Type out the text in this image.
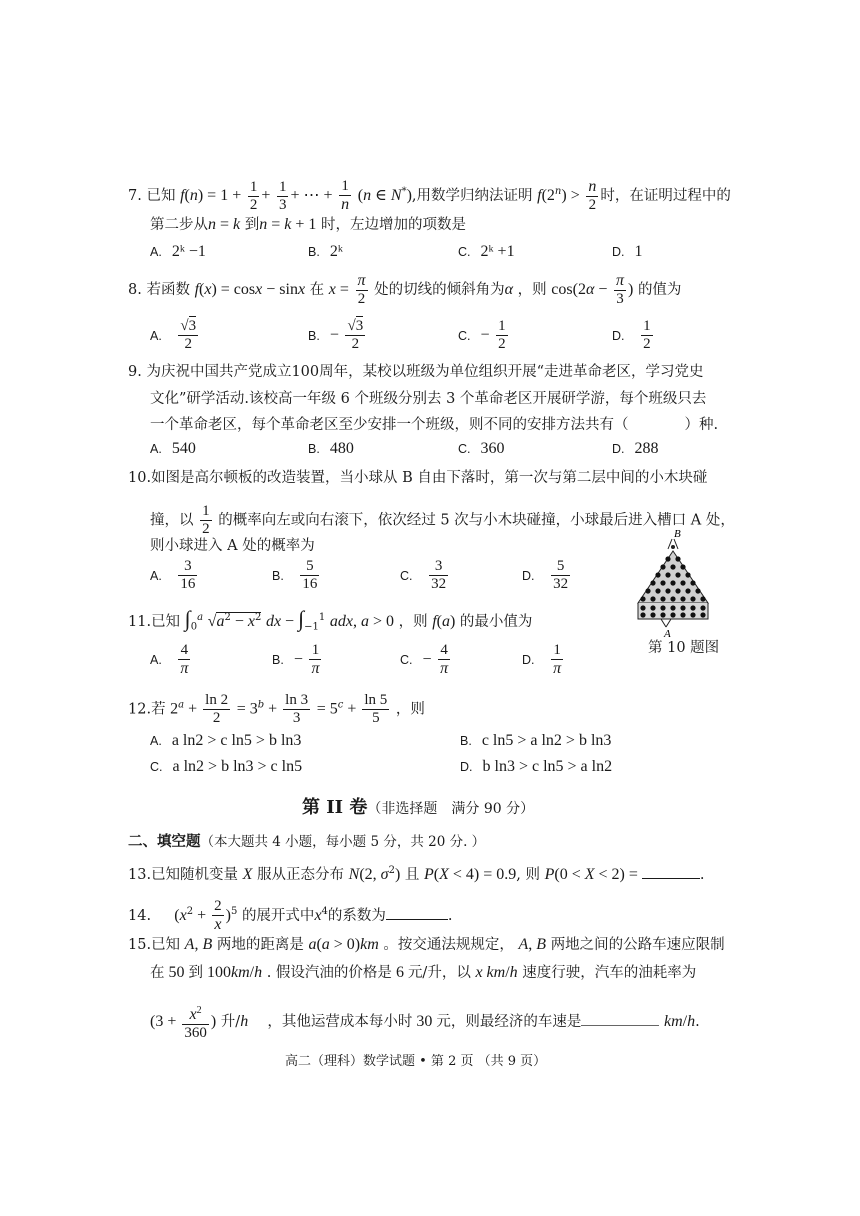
7. 已知 $f(n) = 1 + \frac{1}{2} + \frac{1}{3}$ + ⋯ + $\frac{1}{n} (n$ ∈ N*),用数学归纳法证明 $f(2^n) > \frac{n}{2}$ 时，在证明过程中的
第二步从n = k 到n = k + 1 时，左边增加的项数是
A. 2ᵏ −1	B. 2ᵏ	C. 2ᵏ +1	D. 1
8. 若函数 f(x) = cosx − sinx 在 $x = \frac{\pi}{2}$ 处的切线的倾斜角为α ，则 $\cos(2\alpha - \frac{\pi}{3}$ ) 的值为
A. $\frac{√3}{2}$	B. − $\frac{√3}{2}$	C. − $\frac{1}{2}$	D. $\frac{1}{2}$
9. 为庆祝中国共产党成立100周年，某校以班级为单位组织开展“走进革命老区，学习党史
文化”研学活动.该校高一年级 6 个班级分别去 3 个革命老区开展研学游，每个班级只去
一个革命老区，每个革命老区至少安排一个班级，则不同的安排方法共有（	）种.
A. 540	B. 480	C. 360	D. 288
10.如图是高尔顿板的改造装置，当小球从 B 自由下落时，第一次与第二层中间的小木块碰
撞，以 $\frac{1}{2}$ 的概率向左或向右滚下，依次经过 5 次与小木块碰撞，小球最后进入槽口 A 处，
则小球进入 A 处的概率为
A. $\frac{3}{16}$	B. $\frac{5}{16}$	C. $\frac{3}{32}$	D. $\frac{5}{32}$
B
A
第 10 题图
11.已知 $\int_0^a$ $√a^2 - x^2$ dx − $\int_{-1}^1$ adx, a > 0 ，则 f(a) 的最小值为
A. $\frac{4}{\pi}$	B. − $\frac{1}{\pi}$	C. − $\frac{4}{\pi}$	D. $\frac{1}{\pi}$
12.若 $2^a + \frac{\ln 2}{2} = 3^b + \frac{\ln 3}{3} = 5^c + \frac{\ln 5}{5}$ ，则
A. a ln2 > c ln5 > b ln3	B. c ln5 > a ln2 > b ln3
C. a ln2 > b ln3 > c ln5	D. b ln3 > c ln5 > a ln2
第 II 卷（非选择题　满分 90 分）
二、填空题（本大题共 4 小题，每小题 5 分，共 20 分. ）
13.已知随机变量 X 服从正态分布 N(2, $\sigma^2$) 且 P(X < 4) = 0.9, 则 P(0 < X < 2) =	.
14. $(x^2 + \frac{2}{x} )^5$ 的展开式中$x^4$的系数为	.
15.已知 A, B 两地的距离是 a(a > 0)km 。按交通法规规定， A, B 两地之间的公路车速应限制
在 50 到 100km/h . 假设汽油的价格是 6 元/升，以 x km/h 速度行驶，汽车的油耗率为
($3 + \frac{x^2}{360}$ ) 升/h ，其他运营成本每小时 30 元，则最经济的车速是	km/h.
高二（理科）数学试题 • 第 2 页 （共 9 页）
